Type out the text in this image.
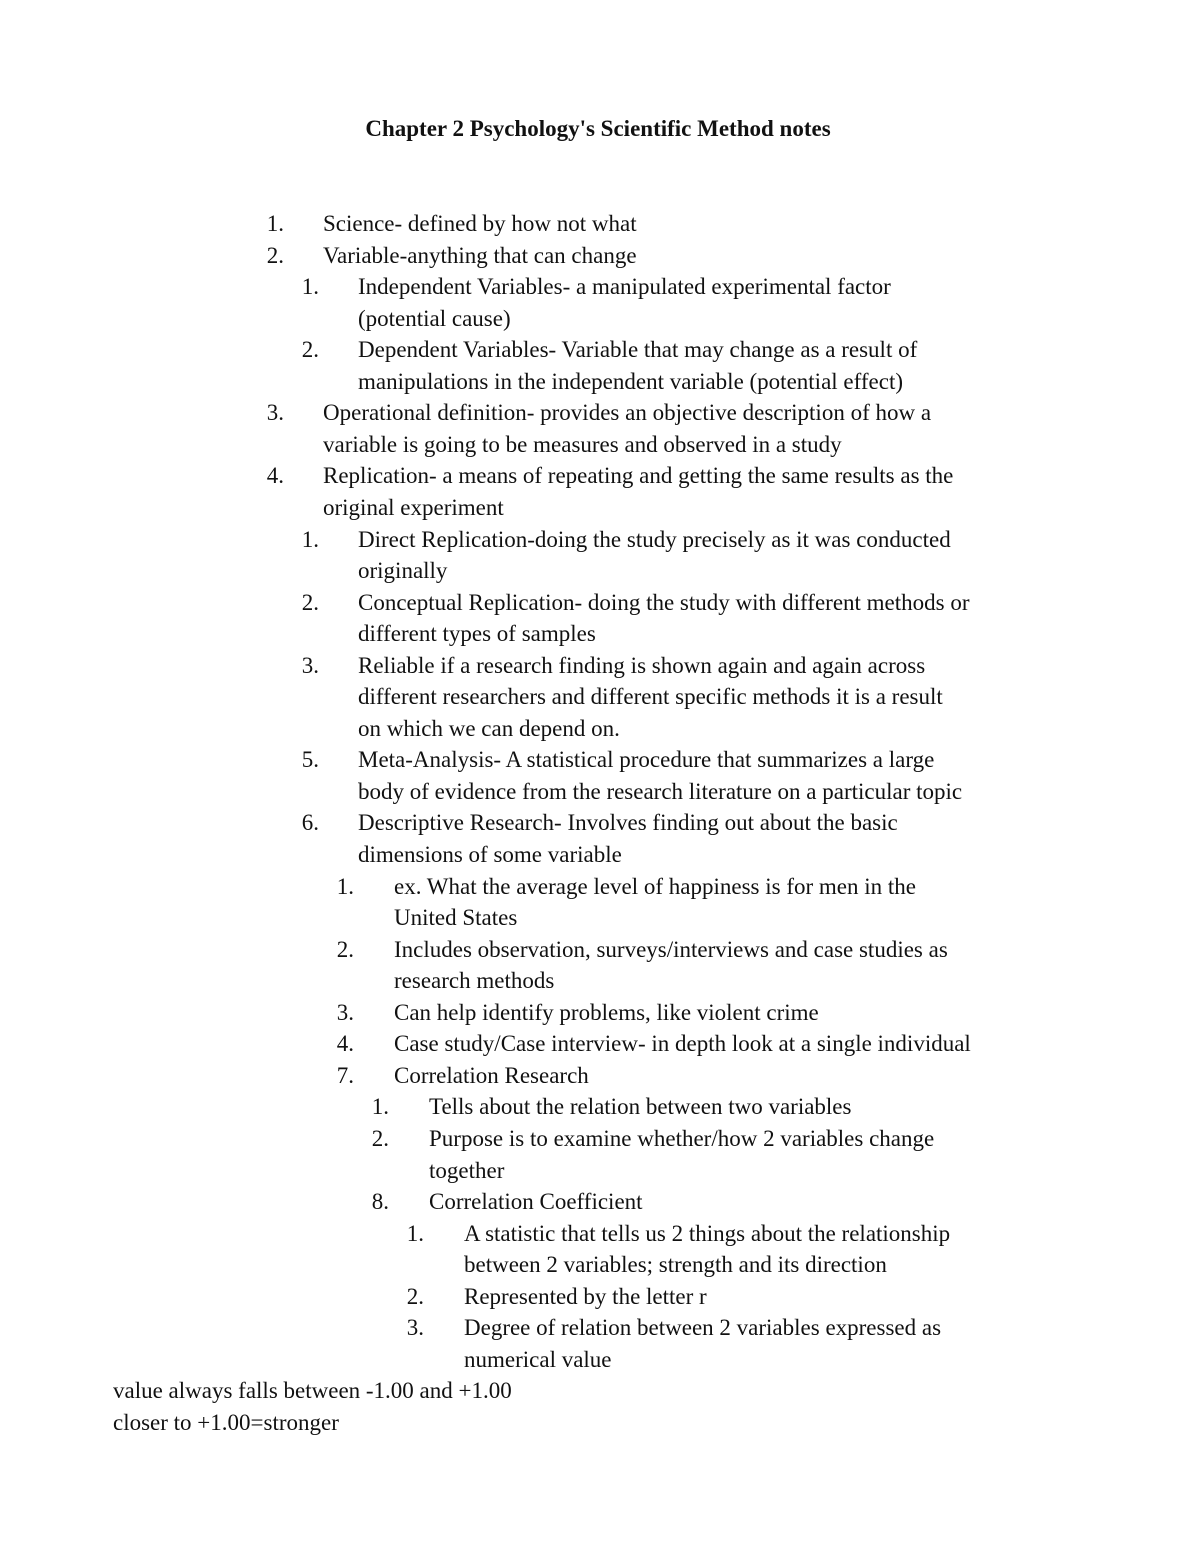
Chapter 2 Psychology's Scientific Method notes
1. Science- defined by how not what
2. Variable-anything that can change
1. Independent Variables- a manipulated experimental factor
(potential cause)
2. Dependent Variables- Variable that may change as a result of
manipulations in the independent variable (potential effect)
3. Operational definition- provides an objective description of how a
variable is going to be measures and observed in a study
4. Replication- a means of repeating and getting the same results as the
original experiment
1. Direct Replication-doing the study precisely as it was conducted
originally
2. Conceptual Replication- doing the study with different methods or
different types of samples
3. Reliable if a research finding is shown again and again across
different researchers and different specific methods it is a result
on which we can depend on.
5. Meta-Analysis- A statistical procedure that summarizes a large
body of evidence from the research literature on a particular topic
6. Descriptive Research- Involves finding out about the basic
dimensions of some variable
1. ex. What the average level of happiness is for men in the
United States
2. Includes observation, surveys/interviews and case studies as
research methods
3. Can help identify problems, like violent crime
4. Case study/Case interview- in depth look at a single individual
7. Correlation Research
1. Tells about the relation between two variables
2. Purpose is to examine whether/how 2 variables change
together
8. Correlation Coefficient
1. A statistic that tells us 2 things about the relationship
between 2 variables; strength and its direction
2. Represented by the letter r
3. Degree of relation between 2 variables expressed as
numerical value

value always falls between -1.00 and +1.00

closer to +1.00=stronger
